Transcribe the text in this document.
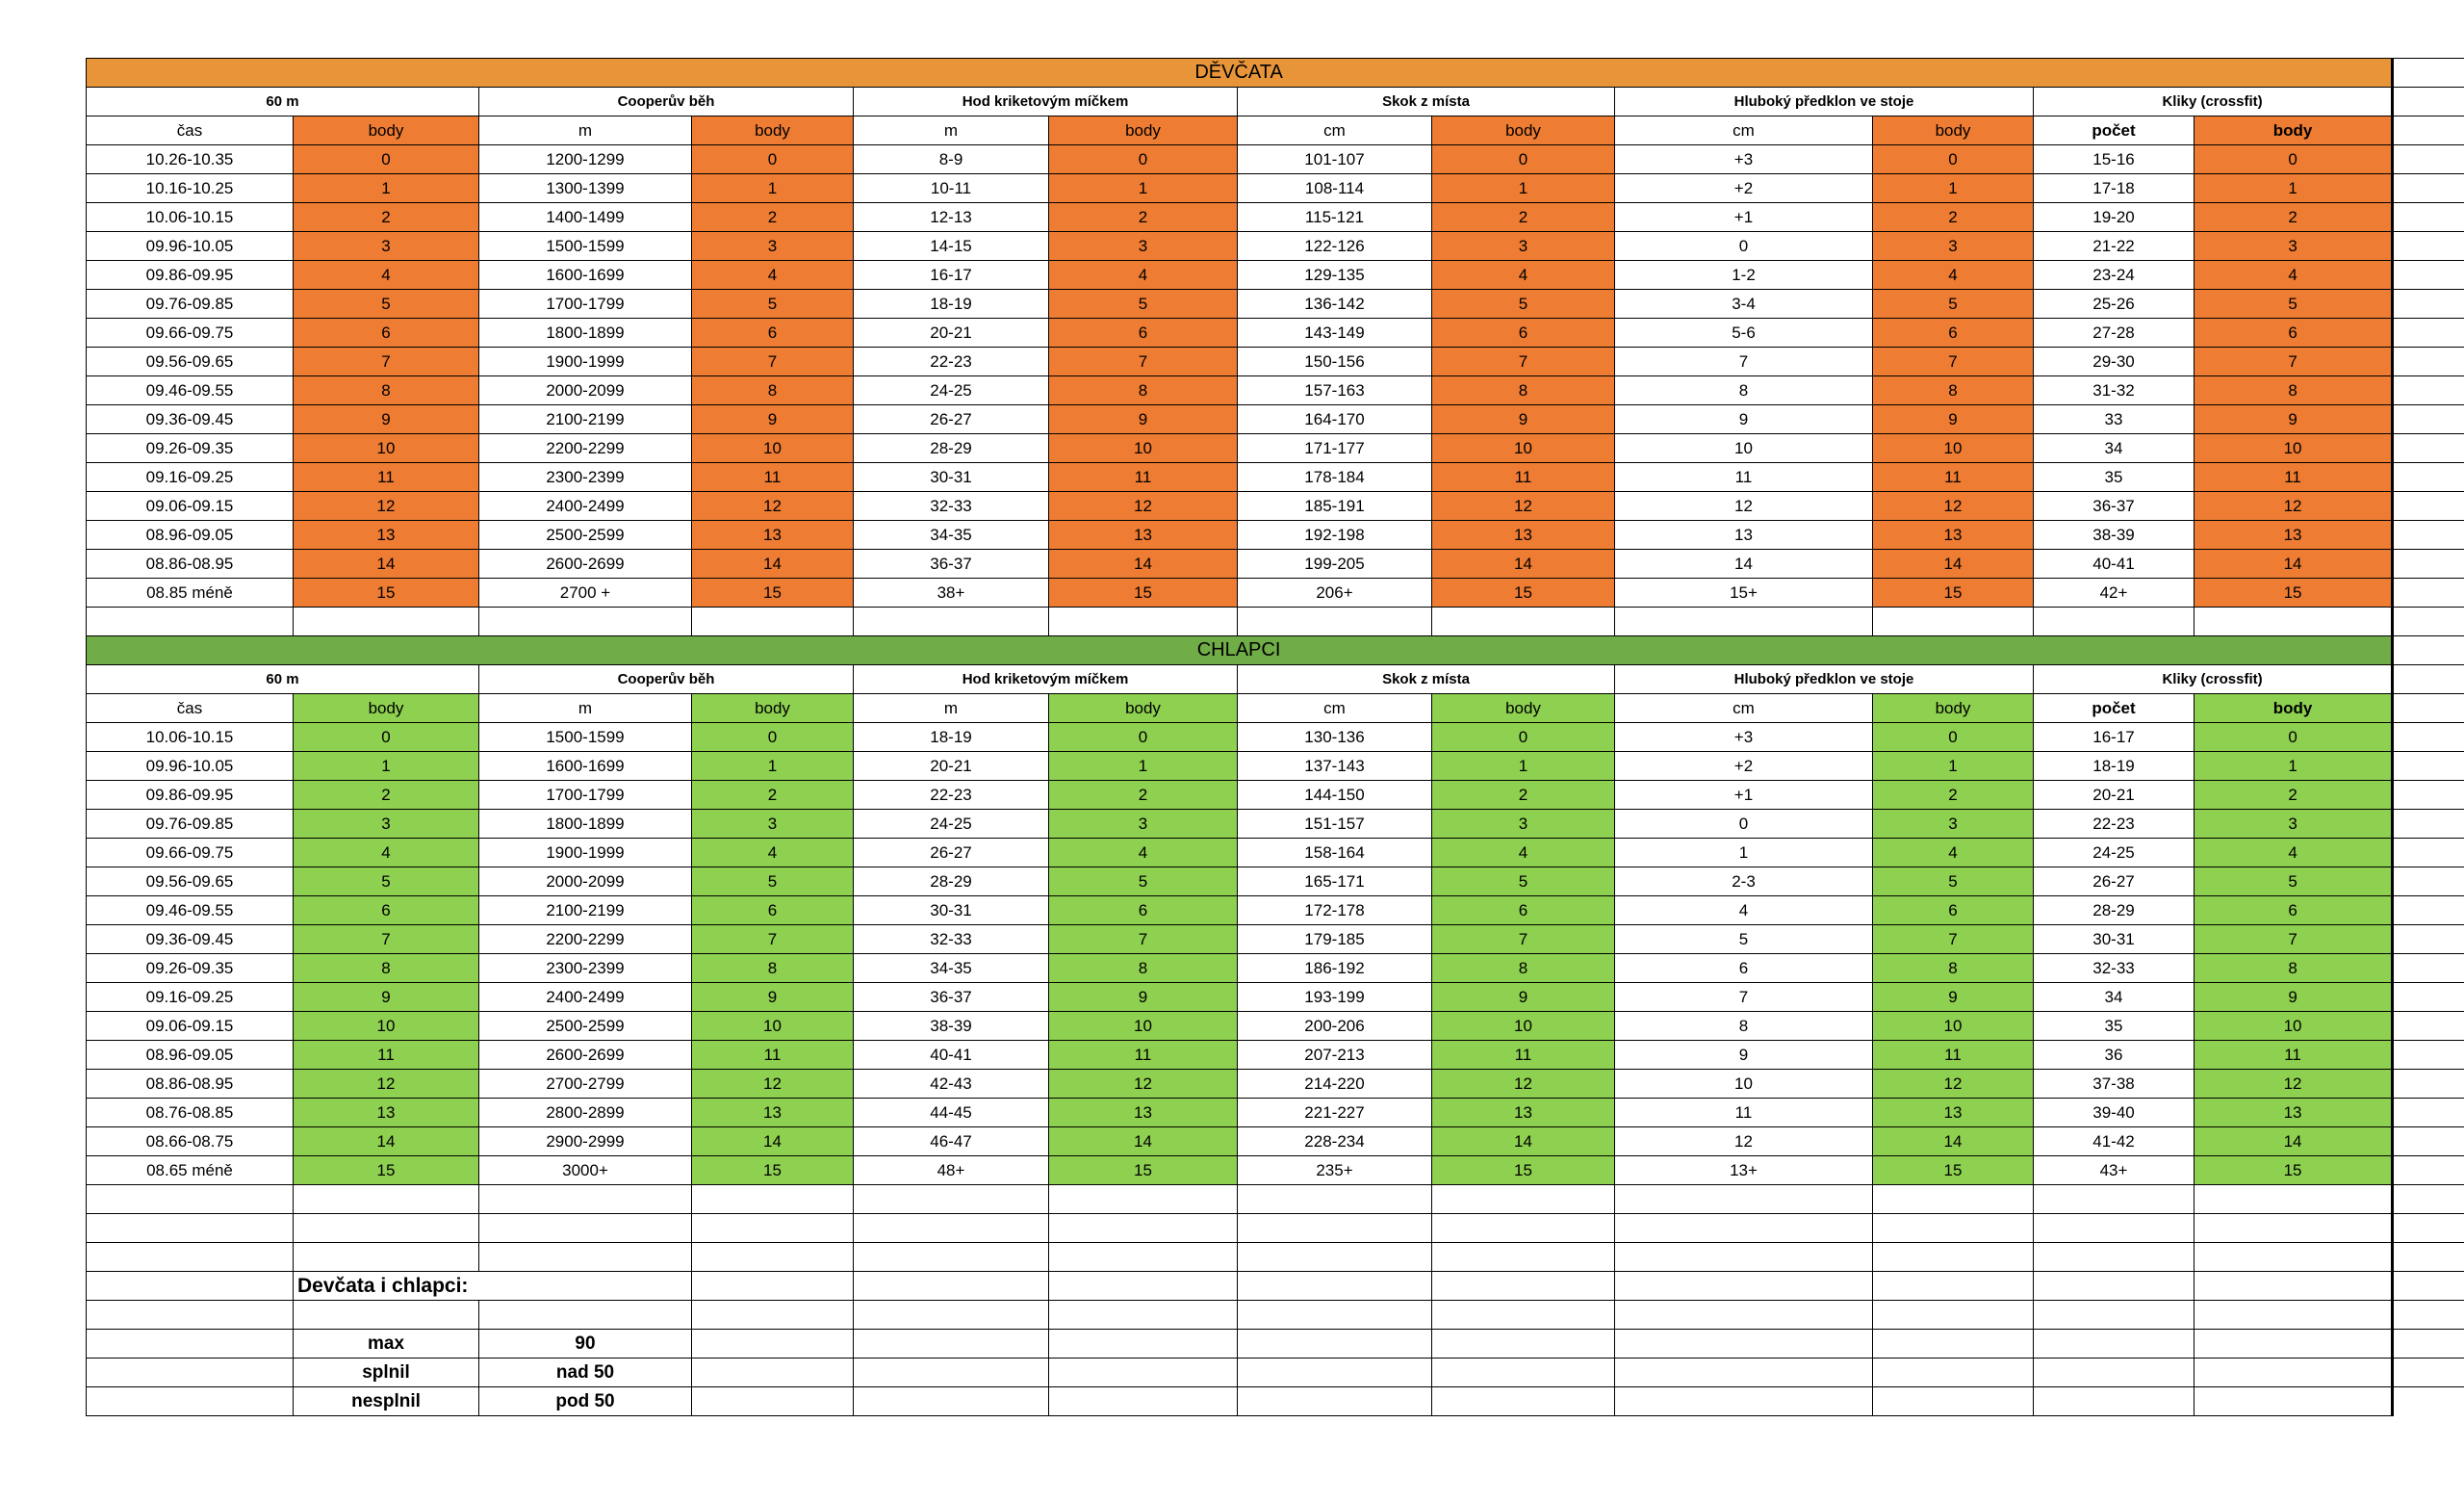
DĚVČATA												
60 m		Cooperův běh		Hod kriketovým míčkem		Skok z místa		Hluboký předklon ve stoje		Kliky (crossfit)		
čas	body	m	body	m	body	cm	body	cm	body	počet	body	
10.26-10.35	0	1200-1299	0	8-9	0	101-107	0	+3	0	15-16	0	
10.16-10.25	1	1300-1399	1	10-11	1	108-114	1	+2	1	17-18	1	
10.06-10.15	2	1400-1499	2	12-13	2	115-121	2	+1	2	19-20	2	
09.96-10.05	3	1500-1599	3	14-15	3	122-126	3	0	3	21-22	3	
09.86-09.95	4	1600-1699	4	16-17	4	129-135	4	1-2	4	23-24	4	
09.76-09.85	5	1700-1799	5	18-19	5	136-142	5	3-4	5	25-26	5	
09.66-09.75	6	1800-1899	6	20-21	6	143-149	6	5-6	6	27-28	6	
09.56-09.65	7	1900-1999	7	22-23	7	150-156	7	7	7	29-30	7	
09.46-09.55	8	2000-2099	8	24-25	8	157-163	8	8	8	31-32	8	
09.36-09.45	9	2100-2199	9	26-27	9	164-170	9	9	9	33	9	
09.26-09.35	10	2200-2299	10	28-29	10	171-177	10	10	10	34	10	
09.16-09.25	11	2300-2399	11	30-31	11	178-184	11	11	11	35	11	
09.06-09.15	12	2400-2499	12	32-33	12	185-191	12	12	12	36-37	12	
08.96-09.05	13	2500-2599	13	34-35	13	192-198	13	13	13	38-39	13	
08.86-08.95	14	2600-2699	14	36-37	14	199-205	14	14	14	40-41	14	
08.85 méně	15	2700 +	15	38+	15	206+	15	15+	15	42+	15	

CHLAPCI												
60 m		Cooperův běh		Hod kriketovým míčkem		Skok z místa		Hluboký předklon ve stoje		Kliky (crossfit)		
čas	body	m	body	m	body	cm	body	cm	body	počet	body	
10.06-10.15	0	1500-1599	0	18-19	0	130-136	0	+3	0	16-17	0	
09.96-10.05	1	1600-1699	1	20-21	1	137-143	1	+2	1	18-19	1	
09.86-09.95	2	1700-1799	2	22-23	2	144-150	2	+1	2	20-21	2	
09.76-09.85	3	1800-1899	3	24-25	3	151-157	3	0	3	22-23	3	
09.66-09.75	4	1900-1999	4	26-27	4	158-164	4	1	4	24-25	4	
09.56-09.65	5	2000-2099	5	28-29	5	165-171	5	2-3	5	26-27	5	
09.46-09.55	6	2100-2199	6	30-31	6	172-178	6	4	6	28-29	6	
09.36-09.45	7	2200-2299	7	32-33	7	179-185	7	5	7	30-31	7	
09.26-09.35	8	2300-2399	8	34-35	8	186-192	8	6	8	32-33	8	
09.16-09.25	9	2400-2499	9	36-37	9	193-199	9	7	9	34	9	
09.06-09.15	10	2500-2599	10	38-39	10	200-206	10	8	10	35	10	
08.96-09.05	11	2600-2699	11	40-41	11	207-213	11	9	11	36	11	
08.86-08.95	12	2700-2799	12	42-43	12	214-220	12	10	12	37-38	12	
08.76-08.85	13	2800-2899	13	44-45	13	221-227	13	11	13	39-40	13	
08.66-08.75	14	2900-2999	14	46-47	14	228-234	14	12	14	41-42	14	
08.65 méně	15	3000+	15	48+	15	235+	15	13+	15	43+	15	

	Devčata i chlapci:											

	max	90										
	splnil	nad 50										
	nesplnil	pod 50										
